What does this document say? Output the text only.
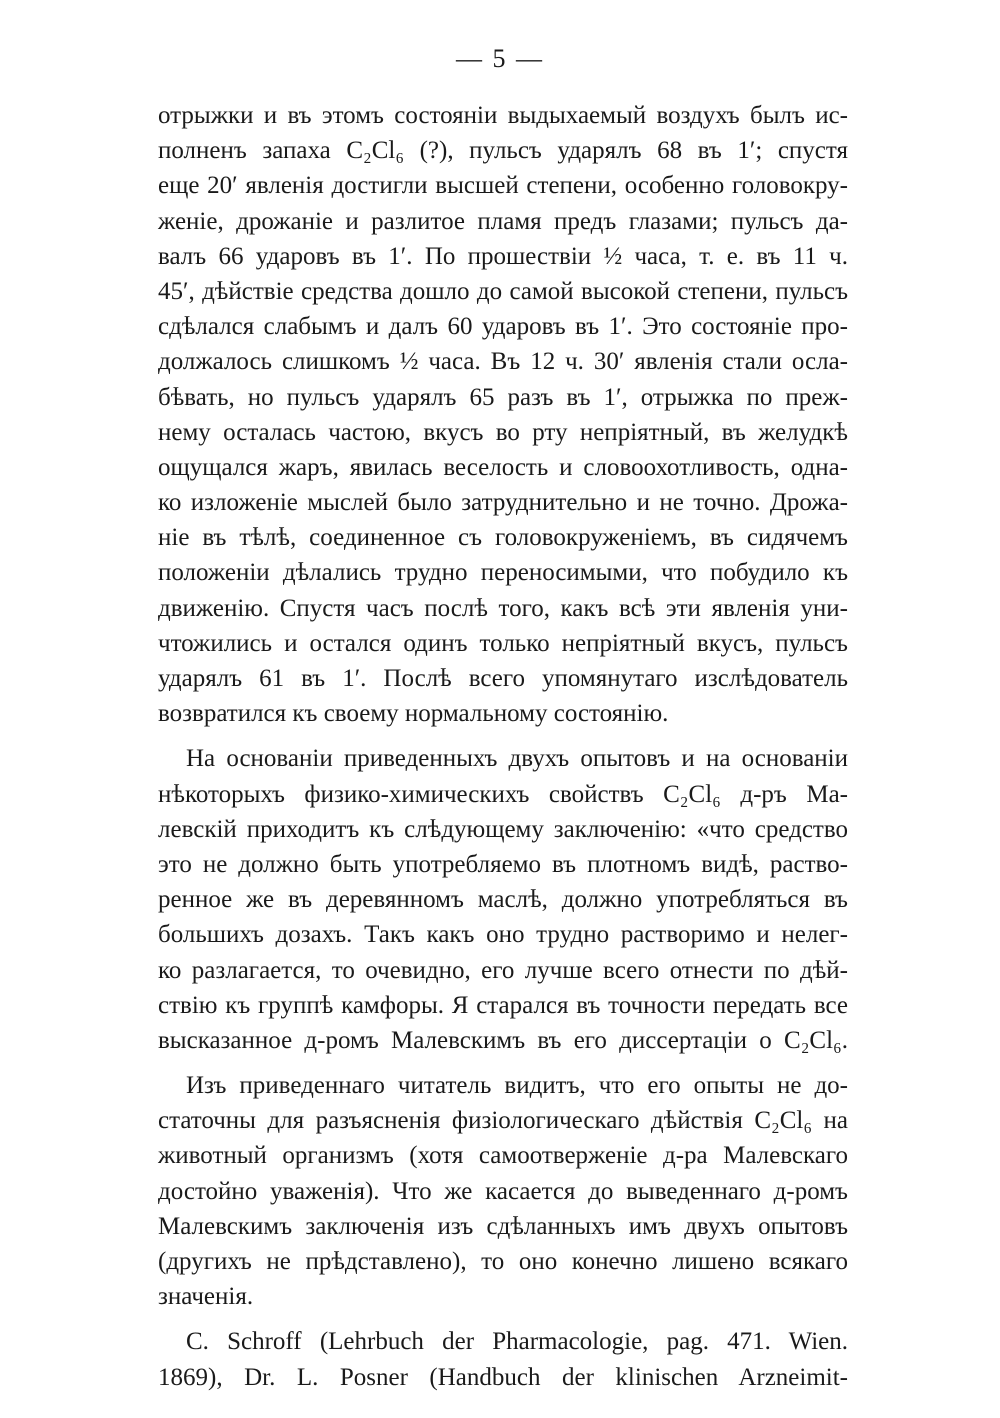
— 5 —
отрыжки и въ этомъ состоянiи выдыхаемый воздухъ былъ ис-
полненъ запаха C₂Cl₆ (?), пульсъ ударялъ 68 въ 1′; спустя
еще 20′ явленiя достигли высшей степени, особенно головокру-
женiе, дрожанiе и разлитое пламя предъ глазами; пульсъ да-
валъ 66 ударовъ въ 1′. По прошествiи ½ часа, т. е. въ 11 ч.
45′, дѣйствiе средства дошло до самой высокой степени, пульсъ
сдѣлался слабымъ и далъ 60 ударовъ въ 1′. Это состоянiе про-
должалось слишкомъ ½ часа. Въ 12 ч. 30′ явленiя стали осла-
бѣвать, но пульсъ ударялъ 65 разъ въ 1′, отрыжка по преж-
нему осталась частою, вкусъ во рту непрiятный, въ желудкѣ
ощущался жаръ, явилась веселость и словоохотливость, одна-
ко изложенiе мыслей было затруднительно и не точно. Дрожа-
нiе въ тѣлѣ, соединенное съ головокруженiемъ, въ сидячемъ
положенiи дѣлались трудно переносимыми, что побудило къ
движенiю. Спустя часъ послѣ того, какъ всѣ эти явленiя уни-
чтожились и остался одинъ только непрiятный вкусъ, пульсъ
ударялъ 61 въ 1′. Послѣ всего упомянутаго изслѣдователь
возвратился къ своему нормальному состоянiю.
На основанiи приведенныхъ двухъ опытовъ и на основанiи
нѣкоторыхъ физико-химическихъ свойствъ C₂Cl₆ д-ръ Ма-
левскiй приходитъ къ слѣдующему заключенiю: «что средство
это не должно быть употребляемо въ плотномъ видѣ, раство-
ренное же въ деревянномъ маслѣ, должно употребляться въ
большихъ дозахъ. Такъ какъ оно трудно растворимо и нелег-
ко разлагается, то очевидно, его лучше всего отнести по дѣй-
ствiю къ группѣ камфоры. Я старался въ точности передать все
высказанное д-ромъ Малевскимъ въ его диссертацiи о C₂Cl₆.
Изъ приведеннаго читатель видитъ, что его опыты не до-
статочны для разъясненiя физiологическаго дѣйствiя C₂Cl₆ на
животный организмъ (хотя самоотверженiе д-ра Малевскаго
достойно уваженiя). Что же касается до выведеннаго д-ромъ
Малевскимъ заключенiя изъ сдѣланныхъ имъ двухъ опытовъ
(другихъ не прѣдставлено), то оно конечно лишено всякаго
значенiя.
C. Schroff (Lehrbuch der Pharmacologie, pag. 471. Wien.
1869), Dr. L. Posner (Handbuch der klinischen Arzneimit-
